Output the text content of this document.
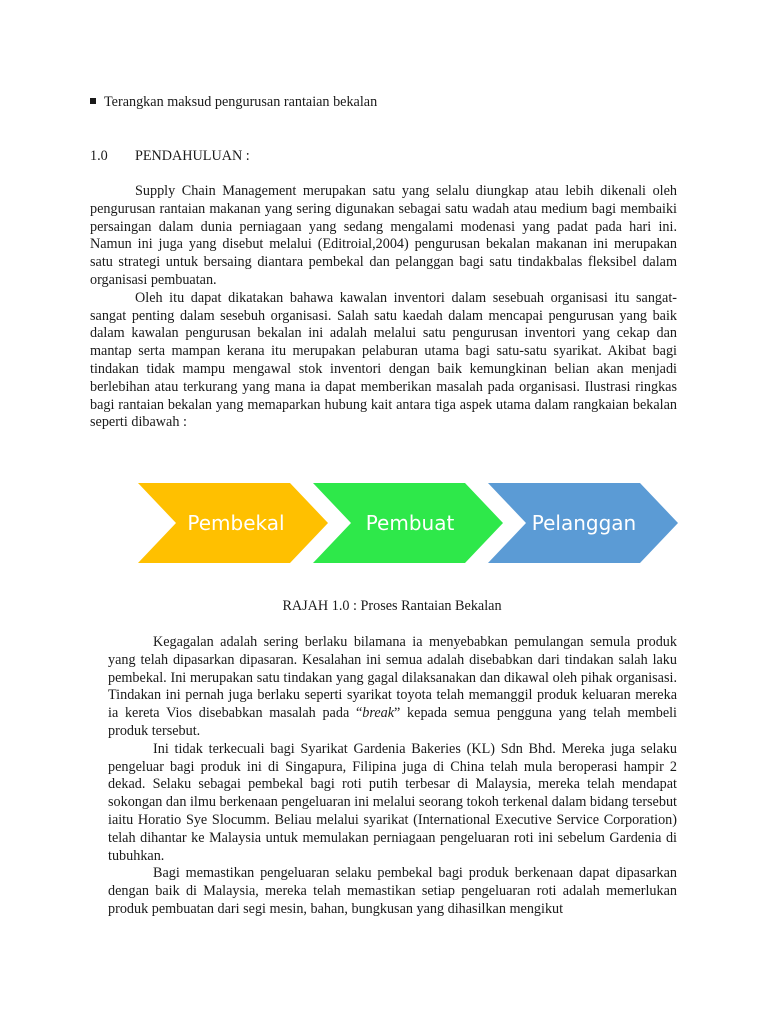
Terangkan maksud pengurusan rantaian bekalan
1.0 PENDAHULUAN :

Supply Chain Management merupakan satu yang selalu diungkap atau lebih dikenali oleh pengurusan rantaian makanan yang sering digunakan sebagai satu wadah atau medium bagi membaiki persaingan dalam dunia perniagaan yang sedang mengalami modenasi yang padat pada hari ini. Namun ini juga yang disebut melalui (Editroial,2004) pengurusan bekalan makanan ini merupakan satu strategi untuk bersaing diantara pembekal dan pelanggan bagi satu tindakbalas fleksibel dalam organisasi pembuatan.

Oleh itu dapat dikatakan bahawa kawalan inventori dalam sesebuah organisasi itu sangat-sangat penting dalam sesebuh organisasi. Salah satu kaedah dalam mencapai pengurusan yang baik dalam kawalan pengurusan bekalan ini adalah melalui satu pengurusan inventori yang cekap dan mantap serta mampan kerana itu merupakan pelaburan utama bagi satu-satu syarikat. Akibat bagi tindakan tidak mampu mengawal stok inventori dengan baik kemungkinan belian akan menjadi berlebihan atau terkurang yang mana ia dapat memberikan masalah pada organisasi. Ilustrasi ringkas bagi rantaian bekalan yang memaparkan hubung kait antara tiga aspek utama dalam rangkaian bekalan seperti dibawah :

Pembekal	Pembuat	Pelanggan
RAJAH 1.0 : Proses Rantaian Bekalan

Kegagalan adalah sering berlaku bilamana ia menyebabkan pemulangan semula produk yang telah dipasarkan dipasaran. Kesalahan ini semua adalah disebabkan dari tindakan salah laku pembekal. Ini merupakan satu tindakan yang gagal dilaksanakan dan dikawal oleh pihak organisasi. Tindakan ini pernah juga berlaku seperti syarikat toyota telah memanggil produk keluaran mereka ia kereta Vios disebabkan masalah pada “break” kepada semua pengguna yang telah membeli produk tersebut.

Ini tidak terkecuali bagi Syarikat Gardenia Bakeries (KL) Sdn Bhd. Mereka juga selaku pengeluar bagi produk ini di Singapura, Filipina juga di China telah mula beroperasi hampir 2 dekad. Selaku sebagai pembekal bagi roti putih terbesar di Malaysia, mereka telah mendapat sokongan dan ilmu berkenaan pengeluaran ini melalui seorang tokoh terkenal dalam bidang tersebut iaitu Horatio Sye Slocumm. Beliau melalui syarikat (International Executive Service Corporation) telah dihantar ke Malaysia untuk memulakan perniagaan pengeluaran roti ini sebelum Gardenia di tubuhkan.

Bagi memastikan pengeluaran selaku pembekal bagi produk berkenaan dapat dipasarkan dengan baik di Malaysia, mereka telah memastikan setiap pengeluaran roti adalah memerlukan produk pembuatan dari segi mesin, bahan, bungkusan yang dihasilkan mengikut
